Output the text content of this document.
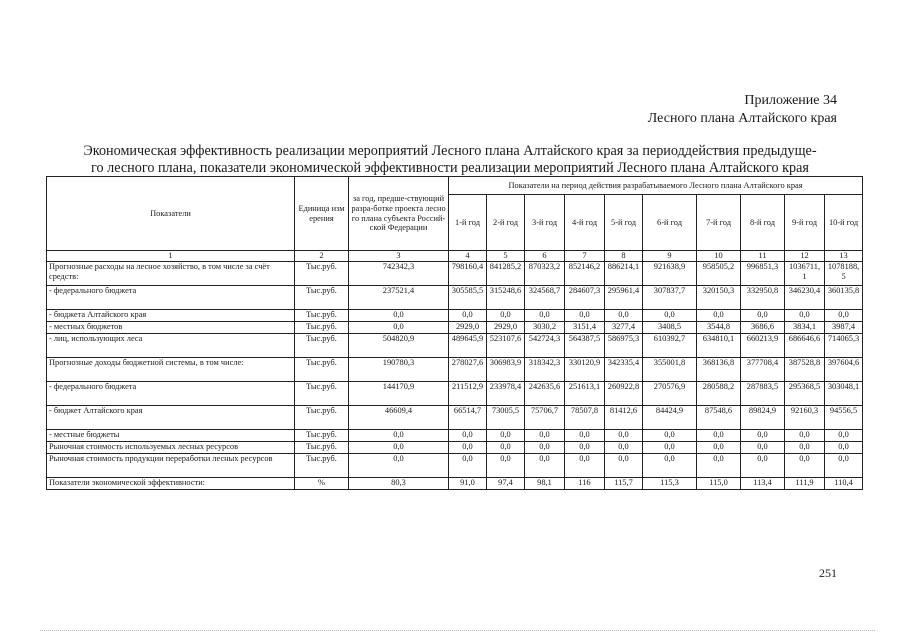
Приложение 34
Лесного плана Алтайского края
Экономическая эффективность реализации мероприятий Лесного плана Алтайского края за периоддействия предыдуще-
го лесного плана, показатели экономической эффективности реализации мероприятий Лесного плана Алтайского края
Показатели	Единица измерения	за год, предше-ствующий разра-ботке проекта лесного плана субъекта Россий-ской Федерации	Показатели на период действия разрабатываемого Лесного плана Алтайского края									
			1-й год	2-й год	3-й год	4-й год	5-й год	6-й год	7-й год	8-й год	9-й год	10-й год
1	2	3	4	5	6	7	8	9	10	11	12	13
Прогнозные расходы на лесное хозяйство, в том числе за счёт средств:	Тыс.руб.	742342,3	798160,4	841285,2	870323,2	852146,2	886214,1	921638,9	958505,2	996851,3	1036711,1	1078188,5
- федерального бюджета	Тыс.руб.	237521,4	305585,5	315248,6	324568,7	284607,3	295961,4	307837,7	320150,3	332950,8	346230,4	360135,8
- бюджета Алтайского края	Тыс.руб.	0,0	0,0	0,0	0,0	0,0	0,0	0,0	0,0	0,0	0,0	0,0
- местных бюджетов	Тыс.руб.	0,0	2929,0	2929,0	3030,2	3151,4	3277,4	3408,5	3544,8	3686,6	3834,1	3987,4
- лиц, использующих леса	Тыс.руб.	504820,9	489645,9	523107,6	542724,3	564387,5	586975,3	610392,7	634810,1	660213,9	686646,6	714065,3
Прогнозные доходы бюджетной системы, в том числе:	Тыс.руб.	190780,3	278027,6	306983,9	318342,3	330120,9	342335,4	355001,8	368136,8	377708,4	387528,8	397604,6
- федерального бюджета	Тыс.руб.	144170,9	211512,9	233978,4	242635,6	251613,1	260922,8	270576,9	280588,2	287883,5	295368,5	303048,1
- бюджет Алтайского края	Тыс.руб.	46609,4	66514,7	73005,5	75706,7	78507,8	81412,6	84424,9	87548,6	89824,9	92160,3	94556,5
- местные бюджеты	Тыс.руб.	0,0	0,0	0,0	0,0	0,0	0,0	0,0	0,0	0,0	0,0	0,0
Рыночная стоимость используемых лесных ресурсов	Тыс.руб.	0,0	0,0	0,0	0,0	0,0	0,0	0,0	0,0	0,0	0,0	0,0
Рыночная стоимость продукции переработки лесных ресурсов	Тыс.руб.	0,0	0,0	0,0	0,0	0,0	0,0	0,0	0,0	0,0	0,0	0,0
Показатели экономической эффективности:	%	80,3	91,0	97,4	98,1	116	115,7	115,3	115,0	113,4	111,9	110,4
251
